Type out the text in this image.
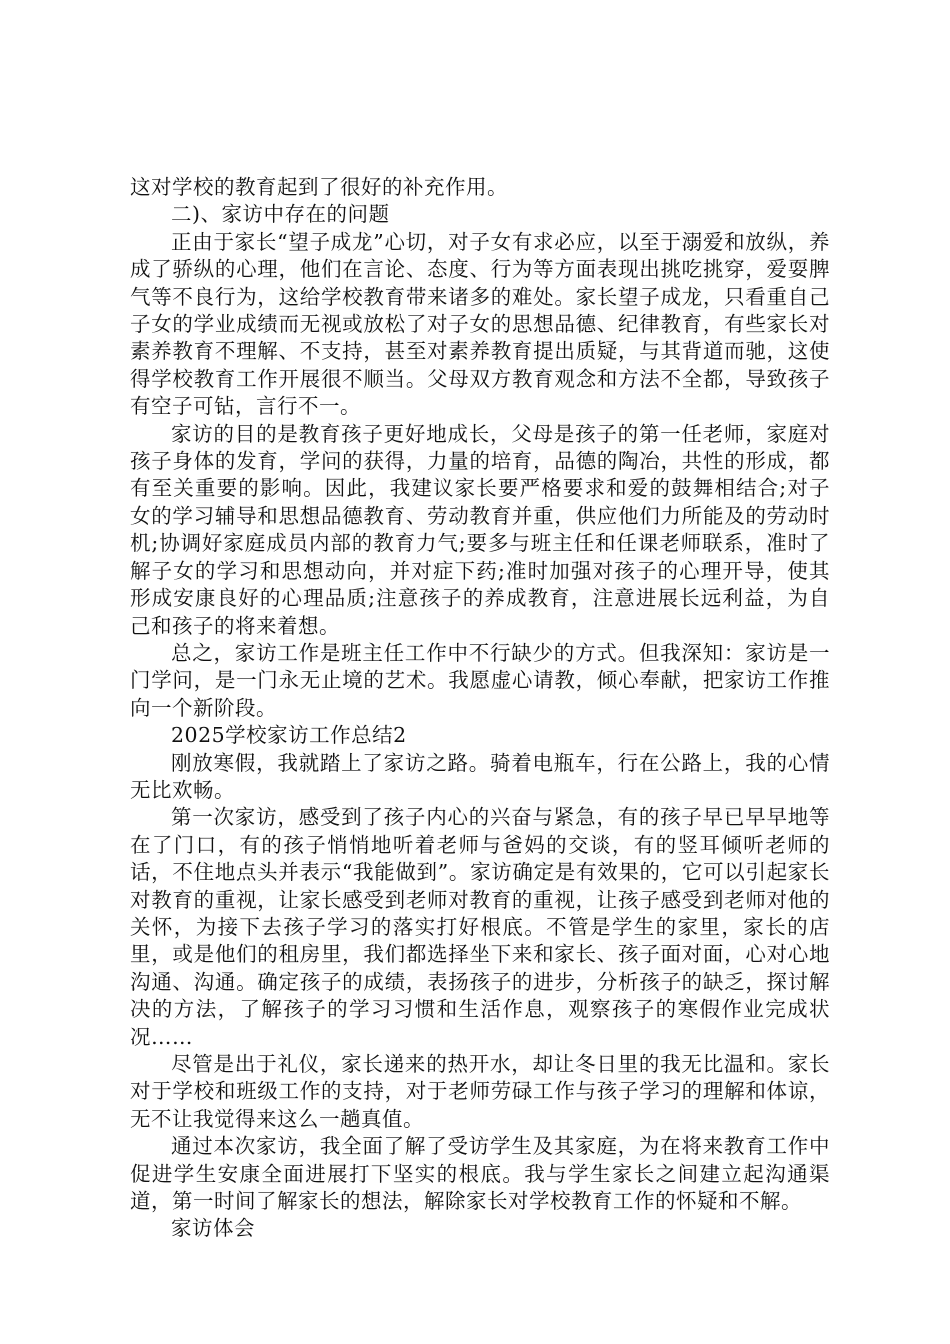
这对学校的教育起到了很好的补充作用。

二)、家访中存在的问题

正由于家长“望子成龙”心切，对子女有求必应，以至于溺爱和放纵，养成了骄纵的心理，他们在言论、态度、行为等方面表现出挑吃挑穿，爱耍脾气等不良行为，这给学校教育带来诸多的难处。家长望子成龙，只看重自己子女的学业成绩而无视或放松了对子女的思想品德、纪律教育，有些家长对素养教育不理解、不支持，甚至对素养教育提出质疑，与其背道而驰，这使得学校教育工作开展很不顺当。父母双方教育观念和方法不全都，导致孩子有空子可钻，言行不一。

家访的目的是教育孩子更好地成长，父母是孩子的第一任老师，家庭对孩子身体的发育，学问的获得，力量的培育，品德的陶冶，共性的形成，都有至关重要的影响。因此，我建议家长要严格要求和爱的鼓舞相结合;对子女的学习辅导和思想品德教育、劳动教育并重，供应他们力所能及的劳动时机;协调好家庭成员内部的教育力气;要多与班主任和任课老师联系，准时了解子女的学习和思想动向，并对症下药;准时加强对孩子的心理开导，使其形成安康良好的心理品质;注意孩子的养成教育，注意进展长远利益，为自己和孩子的将来着想。

总之，家访工作是班主任工作中不行缺少的方式。但我深知：家访是一门学问，是一门永无止境的艺术。我愿虚心请教，倾心奉献，把家访工作推向一个新阶段。

2025学校家访工作总结2

刚放寒假，我就踏上了家访之路。骑着电瓶车，行在公路上，我的心情无比欢畅。

第一次家访，感受到了孩子内心的兴奋与紧急，有的孩子早已早早地等在了门口，有的孩子悄悄地听着老师与爸妈的交谈，有的竖耳倾听老师的话，不住地点头并表示“我能做到”。家访确定是有效果的，它可以引起家长对教育的重视，让家长感受到老师对教育的重视，让孩子感受到老师对他的关怀，为接下去孩子学习的落实打好根底。不管是学生的家里，家长的店里，或是他们的租房里，我们都选择坐下来和家长、孩子面对面，心对心地沟通、沟通。确定孩子的成绩，表扬孩子的进步，分析孩子的缺乏，探讨解决的方法，了解孩子的学习习惯和生活作息，观察孩子的寒假作业完成状况……

尽管是出于礼仪，家长递来的热开水，却让冬日里的我无比温和。家长对于学校和班级工作的支持，对于老师劳碌工作与孩子学习的理解和体谅，无不让我觉得来这么一趟真值。

通过本次家访，我全面了解了受访学生及其家庭，为在将来教育工作中促进学生安康全面进展打下坚实的根底。我与学生家长之间建立起沟通渠道，第一时间了解家长的想法，解除家长对学校教育工作的怀疑和不解。

家访体会
